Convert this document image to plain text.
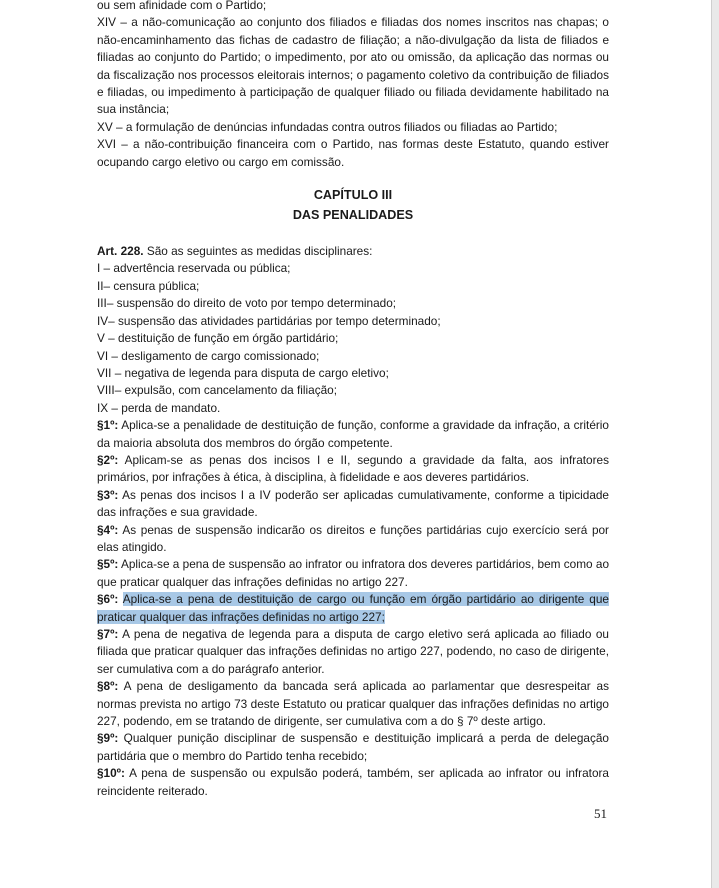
ou sem afinidade com o Partido;

XIV – a não-comunicação ao conjunto dos filiados e filiadas dos nomes inscritos nas chapas; o não-encaminhamento das fichas de cadastro de filiação; a não-divulgação da lista de filiados e filiadas ao conjunto do Partido; o impedimento, por ato ou omissão, da aplicação das normas ou da fiscalização nos processos eleitorais internos; o pagamento coletivo da contribuição de filiados e filiadas, ou impedimento à participação de qualquer filiado ou filiada devidamente habilitado na sua instância;

XV – a formulação de denúncias infundadas contra outros filiados ou filiadas ao Partido;

XVI – a não-contribuição financeira com o Partido, nas formas deste Estatuto, quando estiver ocupando cargo eletivo ou cargo em comissão.

CAPÍTULO III

DAS PENALIDADES

Art. 228. São as seguintes as medidas disciplinares:

I – advertência reservada ou pública;

II– censura pública;

III– suspensão do direito de voto por tempo determinado;

IV– suspensão das atividades partidárias por tempo determinado;

V – destituição de função em órgão partidário;

VI – desligamento de cargo comissionado;

VII – negativa de legenda para disputa de cargo eletivo;

VIII– expulsão, com cancelamento da filiação;

IX – perda de mandato.

§1º: Aplica-se a penalidade de destituição de função, conforme a gravidade da infração, a critério da maioria absoluta dos membros do órgão competente.

§2º: Aplicam-se as penas dos incisos I e II, segundo a gravidade da falta, aos infratores primários, por infrações à ética, à disciplina, à fidelidade e aos deveres partidários.

§3º: As penas dos incisos I a IV poderão ser aplicadas cumulativamente, conforme a tipicidade das infrações e sua gravidade.

§4º: As penas de suspensão indicarão os direitos e funções partidárias cujo exercício será por elas atingido.

§5º: Aplica-se a pena de suspensão ao infrator ou infratora dos deveres partidários, bem como ao que praticar qualquer das infrações definidas no artigo 227.

§6º: Aplica-se a pena de destituição de cargo ou função em órgão partidário ao dirigente que praticar qualquer das infrações definidas no artigo 227;

§7º: A pena de negativa de legenda para a disputa de cargo eletivo será aplicada ao filiado ou filiada que praticar qualquer das infrações definidas no artigo 227, podendo, no caso de dirigente, ser cumulativa com a do parágrafo anterior.

§8º: A pena de desligamento da bancada será aplicada ao parlamentar que desrespeitar as normas prevista no artigo 73 deste Estatuto ou praticar qualquer das infrações definidas no artigo 227, podendo, em se tratando de dirigente, ser cumulativa com a do § 7º deste artigo.

§9º: Qualquer punição disciplinar de suspensão e destituição implicará a perda de delegação partidária que o membro do Partido tenha recebido;

§10º: A pena de suspensão ou expulsão poderá, também, ser aplicada ao infrator ou infratora reincidente reiterado.

51
